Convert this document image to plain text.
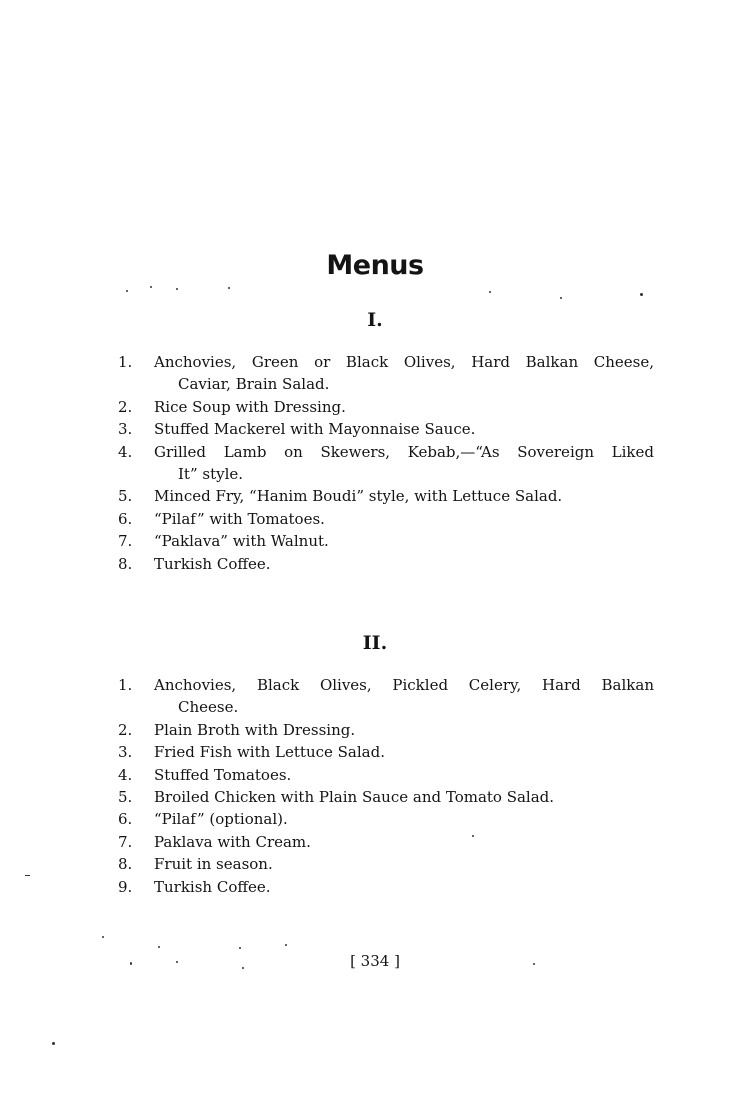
Menus
I.
1. Anchovies, Green or Black Olives, Hard Balkan Cheese,
Caviar, Brain Salad.
2. Rice Soup with Dressing.
3. Stuffed Mackerel with Mayonnaise Sauce.
4. Grilled Lamb on Skewers, Kebab,—“As Sovereign Liked
It” style.
5. Minced Fry, “Hanim Boudi” style, with Lettuce Salad.
6. “Pilaf” with Tomatoes.
7. “Paklava” with Walnut.
8. Turkish Coffee.
II.
1. Anchovies, Black Olives, Pickled Celery, Hard Balkan
Cheese.
2. Plain Broth with Dressing.
3. Fried Fish with Lettuce Salad.
4. Stuffed Tomatoes.
5. Broiled Chicken with Plain Sauce and Tomato Salad.
6. “Pilaf” (optional).
7. Paklava with Cream.
8. Fruit in season.
9. Turkish Coffee.

[ 334 ]
